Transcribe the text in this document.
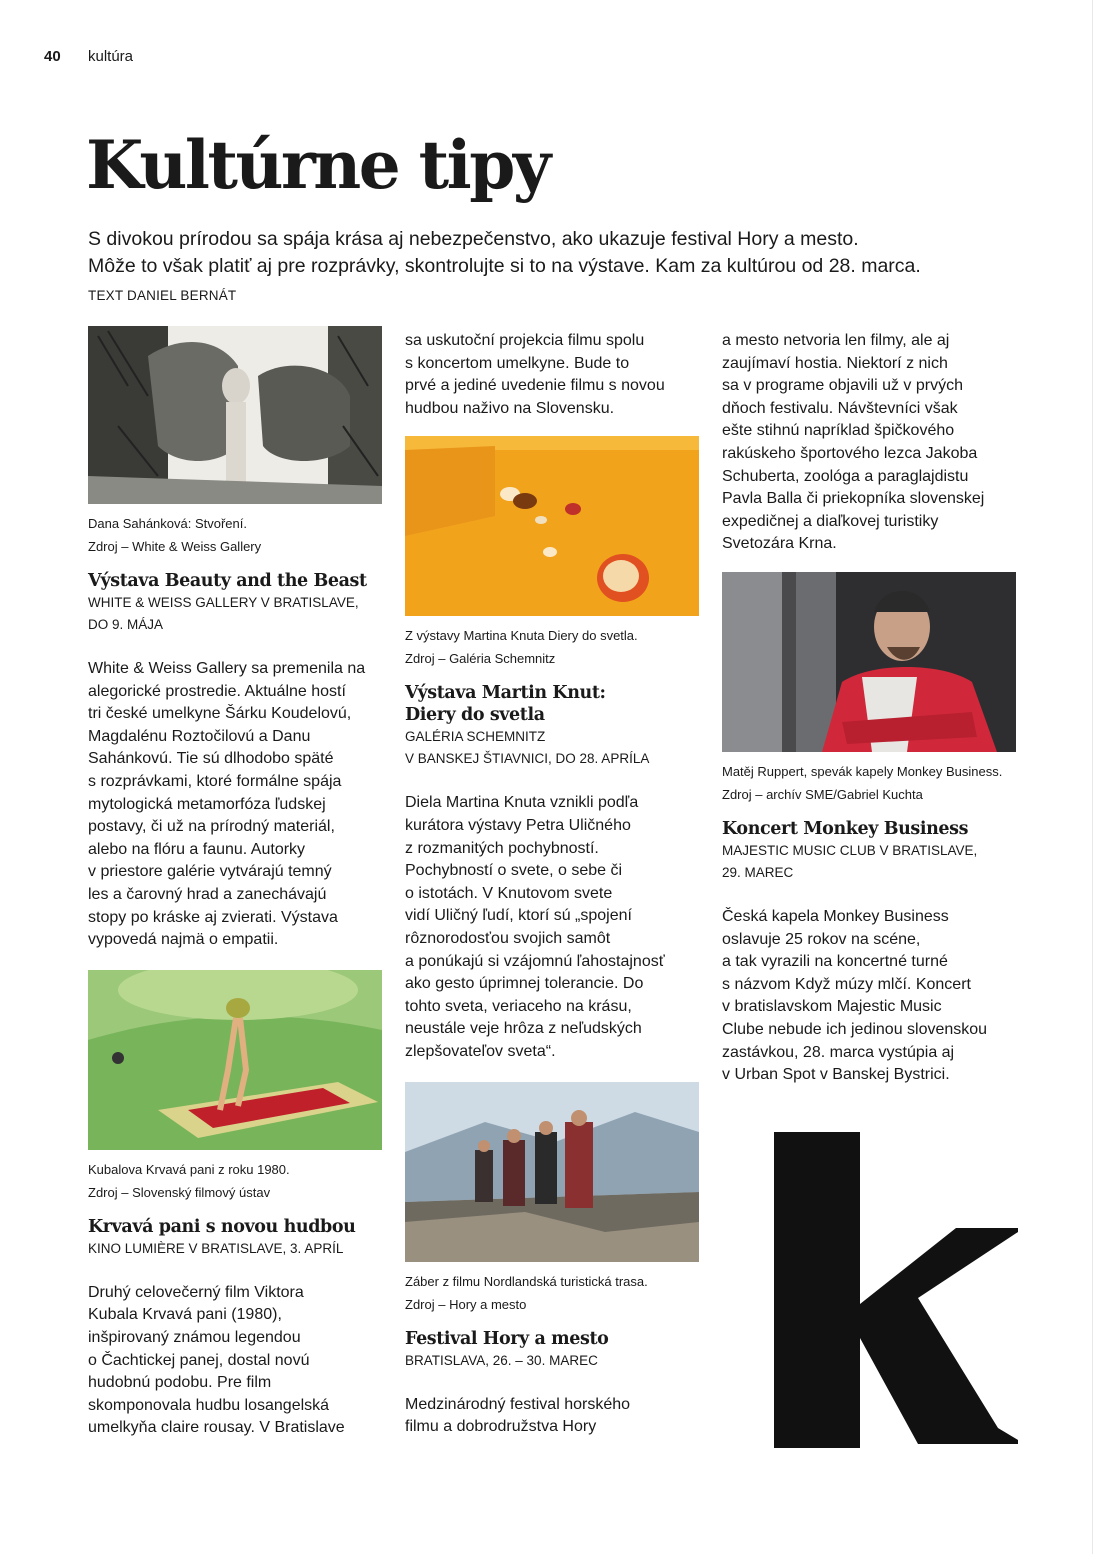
40 kultúra
Kultúrne tipy
S divokou prírodou sa spája krása aj nebezpečenstvo, ako ukazuje festival Hory a mesto.
Môže to však platiť aj pre rozprávky, skontrolujte si to na výstave. Kam za kultúrou od 28. marca.
TEXT DANIEL BERNÁT
Dana Sahánková: Stvoření.
Zdroj – White & Weiss Gallery
Výstava Beauty and the Beast
WHITE & WEISS GALLERY V BRATISLAVE,
DO 9. MÁJA
White & Weiss Gallery sa premenila na
alegorické prostredie. Aktuálne hostí
tri české umelkyne Šárku Koudelovú,
Magdalénu Roztočilovú a Danu
Sahánkovú. Tie sú dlhodobo späté
s rozprávkami, ktoré formálne spája
mytologická metamorfóza ľudskej
postavy, či už na prírodný materiál,
alebo na flóru a faunu. Autorky
v priestore galérie vytvárajú temný
les a čarovný hrad a zanechávajú
stopy po kráske aj zvierati. Výstava
vypovedá najmä o empatii.
Kubalova Krvavá pani z roku 1980.
Zdroj – Slovenský filmový ústav
Krvavá pani s novou hudbou
KINO LUMIÈRE V BRATISLAVE, 3. APRÍL
Druhý celovečerný film Viktora
Kubala Krvavá pani (1980),
inšpirovaný známou legendou
o Čachtickej panej, dostal novú
hudobnú podobu. Pre film
skomponovala hudbu losangelská
umelkyňa claire rousay. V Bratislave
sa uskutoční projekcia filmu spolu
s koncertom umelkyne. Bude to
prvé a jediné uvedenie filmu s novou
hudbou naživo na Slovensku.
Z výstavy Martina Knuta Diery do svetla.
Zdroj – Galéria Schemnitz
Výstava Martin Knut:
Diery do svetla
GALÉRIA SCHEMNITZ
V BANSKEJ ŠTIAVNICI, DO 28. APRÍLA
Diela Martina Knuta vznikli podľa
kurátora výstavy Petra Uličného
z rozmanitých pochybností.
Pochybností o svete, o sebe či
o istotách. V Knutovom svete
vidí Uličný ľudí, ktorí sú „spojení
rôznorodosťou svojich samôt
a ponúkajú si vzájomnú ľahostajnosť
ako gesto úprimnej tolerancie. Do
tohto sveta, veriaceho na krásu,
neustále veje hrôza z neľudských
zlepšovateľov sveta“.
Záber z filmu Nordlandská turistická trasa.
Zdroj – Hory a mesto
Festival Hory a mesto
BRATISLAVA, 26. – 30. MAREC
Medzinárodný festival horského
filmu a dobrodružstva Hory
a mesto netvoria len filmy, ale aj
zaujímaví hostia. Niektorí z nich
sa v programe objavili už v prvých
dňoch festivalu. Návštevníci však
ešte stihnú napríklad špičkového
rakúskeho športového lezca Jakoba
Schuberta, zoológa a paraglajdistu
Pavla Balla či priekopníka slovenskej
expedičnej a diaľkovej turistiky
Svetozára Krna.
Matěj Ruppert, spevák kapely Monkey Business.
Zdroj – archív SME/Gabriel Kuchta
Koncert Monkey Business
MAJESTIC MUSIC CLUB V BRATISLAVE,
29. MAREC
Česká kapela Monkey Business
oslavuje 25 rokov na scéne,
a tak vyrazili na koncertné turné
s názvom Když múzy mlčí. Koncert
v bratislavskom Majestic Music
Clube nebude ich jedinou slovenskou
zastávkou, 28. marca vystúpia aj
v Urban Spot v Banskej Bystrici.
